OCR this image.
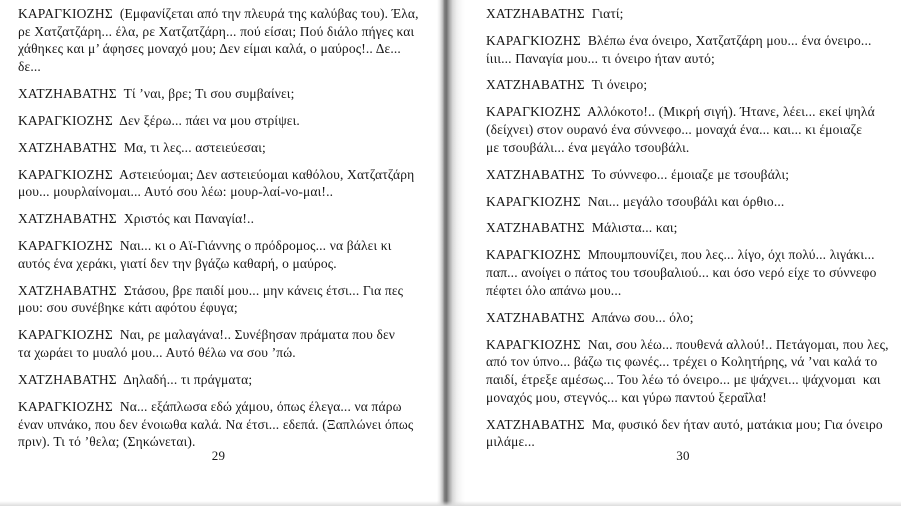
ΚΑΡΑΓΚΙΟΖΗΣ  (Εμφανίζεται από την πλευρά της καλύβας του). Έλα,
ρε Χατζατζάρη... έλα, ρε Χατζατζάρη... πού είσαι; Πού διάλο πήγες και
χάθηκες και μ’ άφησες μοναχό μου; Δεν είμαι καλά, ο μαύρος!.. Δε...
δε...
ΧΑΤΖΗΑΒΑΤΗΣ  Τί ’ναι, βρε; Τι σου συμβαίνει;
ΚΑΡΑΓΚΙΟΖΗΣ  Δεν ξέρω... πάει να μου στρίψει.
ΧΑΤΖΗΑΒΑΤΗΣ  Μα, τι λες... αστειεύεσαι;
ΚΑΡΑΓΚΙΟΖΗΣ  Αστειεύομαι; Δεν αστειεύομαι καθόλου, Χατζατζάρη
μου... μουρλαίνομαι... Αυτό σου λέω: μουρ-λαί-νο-μαι!..
ΧΑΤΖΗΑΒΑΤΗΣ  Χριστός και Παναγία!..
ΚΑΡΑΓΚΙΟΖΗΣ  Ναι... κι ο Αϊ-Γιάννης ο πρόδρομος... να βάλει κι
αυτός ένα χεράκι, γιατί δεν την βγάζω καθαρή, ο μαύρος.
ΧΑΤΖΗΑΒΑΤΗΣ  Στάσου, βρε παιδί μου... μην κάνεις έτσι... Για πες
μου: σου συνέβηκε κάτι αφότου έφυγα;
ΚΑΡΑΓΚΙΟΖΗΣ  Ναι, ρε μαλαγάνα!.. Συνέβησαν πράματα που δεν
τα χωράει το μυαλό μου... Αυτό θέλω να σου ’πώ.
ΧΑΤΖΗΑΒΑΤΗΣ  Δηλαδή... τι πράγματα;
ΚΑΡΑΓΚΙΟΖΗΣ  Να... εξάπλωσα εδώ χάμου, όπως έλεγα... να πάρω
έναν υπνάκο, που δεν ένοιωθα καλά. Να έτσι... εδεπά. (Ξαπλώνει όπως
πριν). Τι τό ’θελα; (Σηκώνεται).
29
ΧΑΤΖΗΑΒΑΤΗΣ  Γιατί;
ΚΑΡΑΓΚΙΟΖΗΣ  Βλέπω ένα όνειρο, Χατζατζάρη μου... ένα όνειρο...
ίιιι... Παναγία μου... τι όνειρο ήταν αυτό;
ΧΑΤΖΗΑΒΑΤΗΣ  Τι όνειρο;
ΚΑΡΑΓΚΙΟΖΗΣ  Αλλόκοτο!.. (Μικρή σιγή). Ήτανε, λέει... εκεί ψηλά
(δείχνει) στον ουρανό ένα σύννεφο... μοναχά ένα... και... κι έμοιαζε
με τσουβάλι... ένα μεγάλο τσουβάλι.
ΧΑΤΖΗΑΒΑΤΗΣ  Το σύννεφο... έμοιαζε με τσουβάλι;
ΚΑΡΑΓΚΙΟΖΗΣ  Ναι... μεγάλο τσουβάλι και όρθιο...
ΧΑΤΖΗΑΒΑΤΗΣ  Μάλιστα... και;
ΚΑΡΑΓΚΙΟΖΗΣ  Μπουμπουνίζει, που λες... λίγο, όχι πολύ... λιγάκι...
παπ... ανοίγει ο πάτος του τσουβαλιού... και όσο νερό είχε το σύννεφο
πέφτει όλο απάνω μου...
ΧΑΤΖΗΑΒΑΤΗΣ  Απάνω σου... όλο;
ΚΑΡΑΓΚΙΟΖΗΣ  Ναι, σου λέω... πουθενά αλλού!.. Πετάγομαι, που λες,
από τον ύπνο... βάζω τις φωνές... τρέχει ο Κολητήρης, νά ’ναι καλά το
παιδί, έτρεξε αμέσως... Του λέω τό όνειρο... με ψάχνει... ψάχνομαι  και
μοναχός μου, στεγνός... και γύρω παντού ξεραΐλα!
ΧΑΤΖΗΑΒΑΤΗΣ  Μα, φυσικό δεν ήταν αυτό, ματάκια μου; Για όνειρο
μιλάμε...
30
